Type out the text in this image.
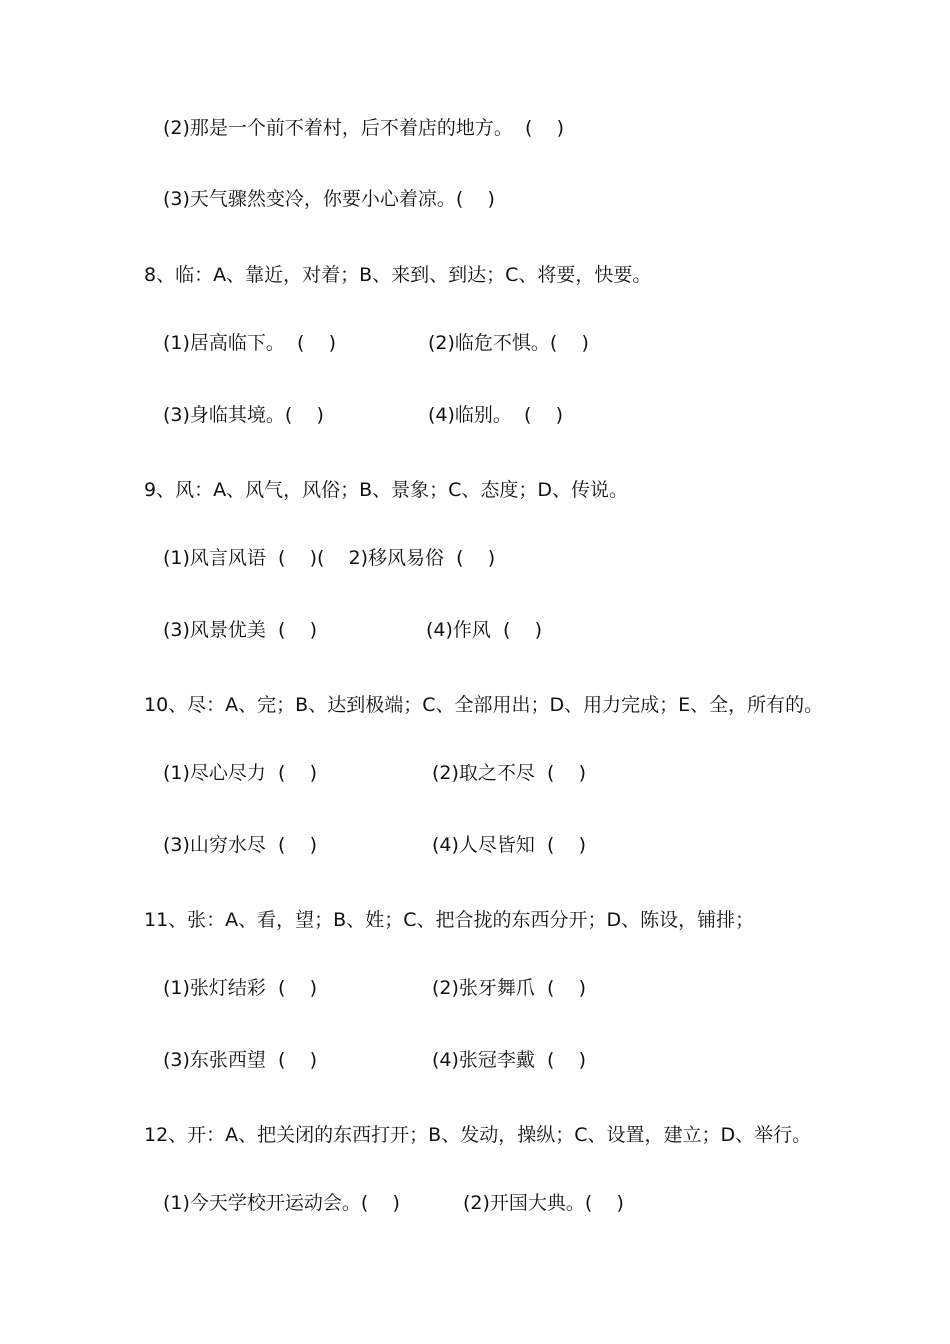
(2)那是一个前不着村，后不着店的地方。  (    )
(3)天气骤然变冷，你要小心着凉。(    )
8、临：A、靠近，对着；B、来到、到达；C、将要，快要。
(1)居高临下。  (    )	(2)临危不惧。(    )
(3)身临其境。(    )	(4)临别。  (    )
9、风：A、风气，风俗；B、景象；C、态度；D、传说。
(1)风言风语  (    )(    2)移风易俗  (    )
(3)风景优美  (    )	(4)作风  (    )
10、尽：A、完；B、达到极端；C、全部用出；D、用力完成；E、全，所有的。
(1)尽心尽力  (    )	(2)取之不尽  (    )
(3)山穷水尽  (    )	(4)人尽皆知  (    )
11、张：A、看，望；B、姓；C、把合拢的东西分开；D、陈设，铺排；
(1)张灯结彩  (    )	(2)张牙舞爪  (    )
(3)东张西望  (    )	(4)张冠李戴  (    )
12、开：A、把关闭的东西打开；B、发动，操纵；C、设置，建立；D、举行。
(1)今天学校开运动会。(    )	(2)开国大典。(    )
